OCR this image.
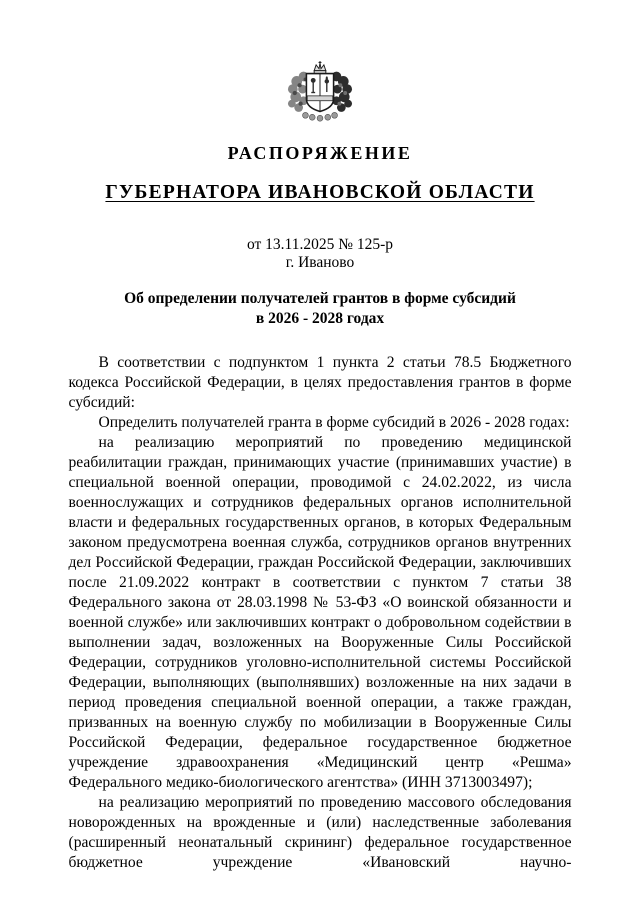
РАСПОРЯЖЕНИЕ
ГУБЕРНАТОРА ИВАНОВСКОЙ ОБЛАСТИ
от 13.11.2025 № 125-р
г. Иваново
Об определении получателей грантов в форме субсидий
в 2026 - 2028 годах

В соответствии с подпунктом 1 пункта 2 статьи 78.5 Бюджетного кодекса Российской Федерации, в целях предоставления грантов в форме субсидий:

Определить получателей гранта в форме субсидий в 2026 - 2028 годах:

на реализацию мероприятий по проведению медицинской реабилитации граждан, принимающих участие (принимавших участие) в специальной военной операции, проводимой с 24.02.2022, из числа военнослужащих и сотрудников федеральных органов исполнительной власти и федеральных государственных органов, в которых Федеральным законом предусмотрена военная служба, сотрудников органов внутренних дел Российской Федерации, граждан Российской Федерации, заключивших после 21.09.2022 контракт в соответствии с пунктом 7 статьи 38 Федерального закона от 28.03.1998 № 53-ФЗ «О воинской обязанности и военной службе» или заключивших контракт о добровольном содействии в выполнении задач, возложенных на Вооруженные Силы Российской Федерации, сотрудников уголовно-исполнительной системы Российской Федерации, выполняющих (выполнявших) возложенные на них задачи в период проведения специальной военной операции, а также граждан, призванных на военную службу по мобилизации в Вооруженные Силы Российской Федерации, федеральное государственное бюджетное учреждение здравоохранения «Медицинский центр «Решма» Федерального медико-биологического агентства» (ИНН 3713003497);

на реализацию мероприятий по проведению массового обследования новорожденных на врожденные и (или) наследственные заболевания (расширенный неонатальный скрининг) федеральное государственное бюджетное учреждение «Ивановский научно-
